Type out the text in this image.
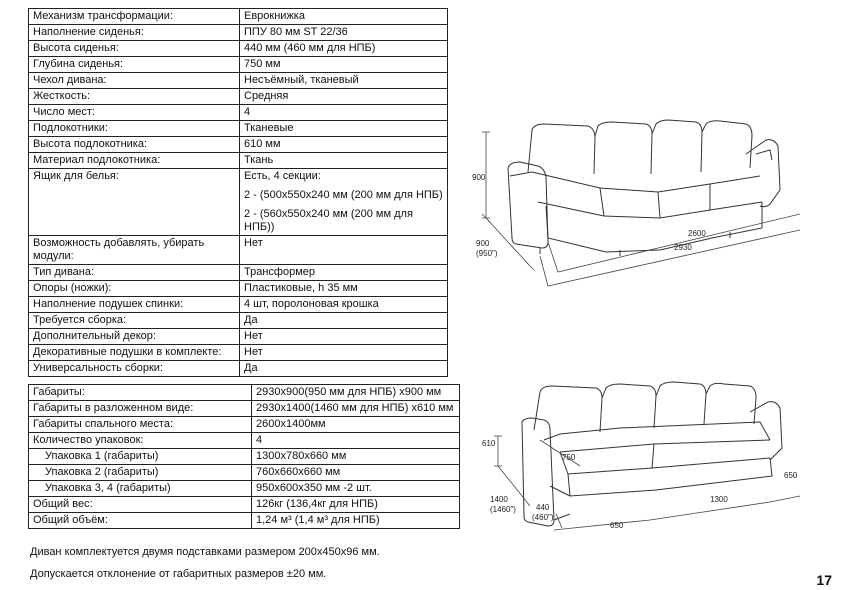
Механизм трансформации:	Еврокнижка
Наполнение сиденья:	ППУ 80 мм ST 22/36
Высота сиденья:	440 мм (460 мм для НПБ)
Глубина сиденья:	750 мм
Чехол дивана:	Несъёмный, тканевый
Жесткость:	Средняя
Число мест:	4
Подлокотники:	Тканевые
Высота подлокотника:	610 мм
Материал подлокотника:	Ткань
Ящик для белья:	Есть, 4 секции:
2 - (500х550х240 мм (200 мм для НПБ)
2 - (560х550х240 мм (200 мм для НПБ))

Возможность добавлять, убирать модули:	Нет
Тип дивана:	Трансформер
Опоры (ножки):	Пластиковые, h 35 мм
Наполнение подушек спинки:	4 шт, поролоновая крошка
Требуется сборка:	Да
Дополнительный декор:	Нет
Декоративные подушки в комплекте:	Нет
Универсальность сборки:	Да
Габариты:	2930х900(950 мм для НПБ) х900 мм
Габариты в разложенном виде:	2930х1400(1460 мм для НПБ) х610 мм
Габариты спального места:	2600х1400мм
Количество упаковок:	4
Упаковка 1 (габариты)	1300х780х660 мм
Упаковка 2 (габариты)	760х660х660 мм
Упаковка 3, 4 (габариты)	950х600х350 мм -2 шт.
Общий вес:	126кг (136,4кг для НПБ)
Общий объём:	1,24 м³ (1,4 м³ для НПБ)
Диван комплектуется двумя подставками размером 200х450х96 мм.
Допускается отклонение от габаритных размеров ±20 мм.	17
900
900
(950")
2600
2930
610
750
1400
(1460")	440
(460")
650
1300
650
